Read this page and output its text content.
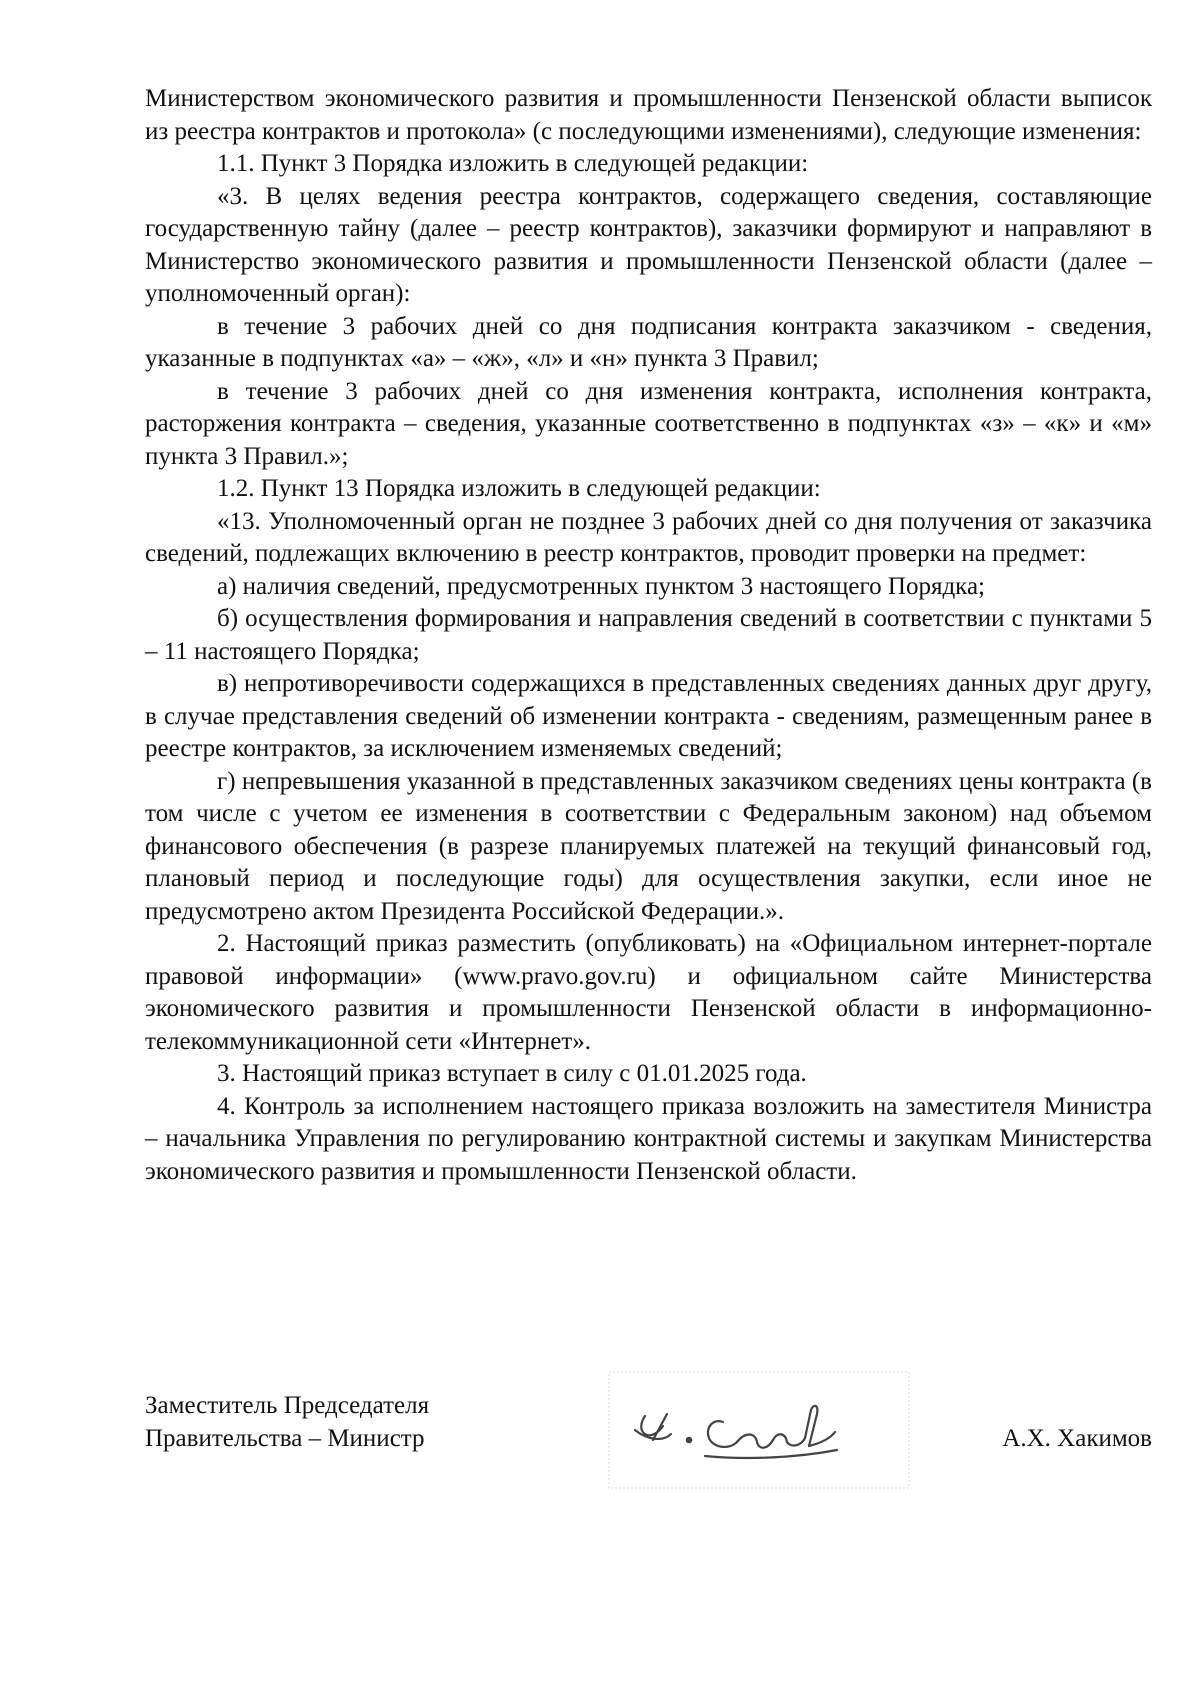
Министерством экономического развития и промышленности Пензенской области выписок из реестра контрактов и протокола» (с последующими изменениями), следующие изменения:

1.1. Пункт 3 Порядка изложить в следующей редакции:

«3. В целях ведения реестра контрактов, содержащего сведения, составляющие государственную тайну (далее – реестр контрактов), заказчики формируют и направляют в Министерство экономического развития и промышленности Пензенской области (далее – уполномоченный орган):

в течение 3 рабочих дней со дня подписания контракта заказчиком - сведения, указанные в подпунктах «а» – «ж», «л» и «н» пункта 3 Правил;

в течение 3 рабочих дней со дня изменения контракта, исполнения контракта, расторжения контракта – сведения, указанные соответственно в подпунктах «з» – «к» и «м» пункта 3 Правил.»;

1.2. Пункт 13 Порядка изложить в следующей редакции:

«13. Уполномоченный орган не позднее 3 рабочих дней со дня получения от заказчика сведений, подлежащих включению в реестр контрактов, проводит проверки на предмет:

а) наличия сведений, предусмотренных пунктом 3 настоящего Порядка;

б) осуществления формирования и направления сведений в соответствии с пунктами 5 – 11 настоящего Порядка;

в) непротиворечивости содержащихся в представленных сведениях данных друг другу, в случае представления сведений об изменении контракта - сведениям, размещенным ранее в реестре контрактов, за исключением изменяемых сведений;

г) непревышения указанной в представленных заказчиком сведениях цены контракта (в том числе с учетом ее изменения в соответствии с Федеральным законом) над объемом финансового обеспечения (в разрезе планируемых платежей на текущий финансовый год, плановый период и последующие годы) для осуществления закупки, если иное не предусмотрено актом Президента Российской Федерации.».

2. Настоящий приказ разместить (опубликовать) на «Официальном интернет-портале правовой информации» (www.pravo.gov.ru) и официальном сайте Министерства экономического развития и промышленности Пензенской области в информационно-телекоммуникационной сети «Интернет».

3. Настоящий приказ вступает в силу с 01.01.2025 года.

4. Контроль за исполнением настоящего приказа возложить на заместителя Министра – начальника Управления по регулированию контрактной системы и закупкам Министерства экономического развития и промышленности Пензенской области.

Заместитель Председателя
Правительства – Министр	А.Х. Хакимов
